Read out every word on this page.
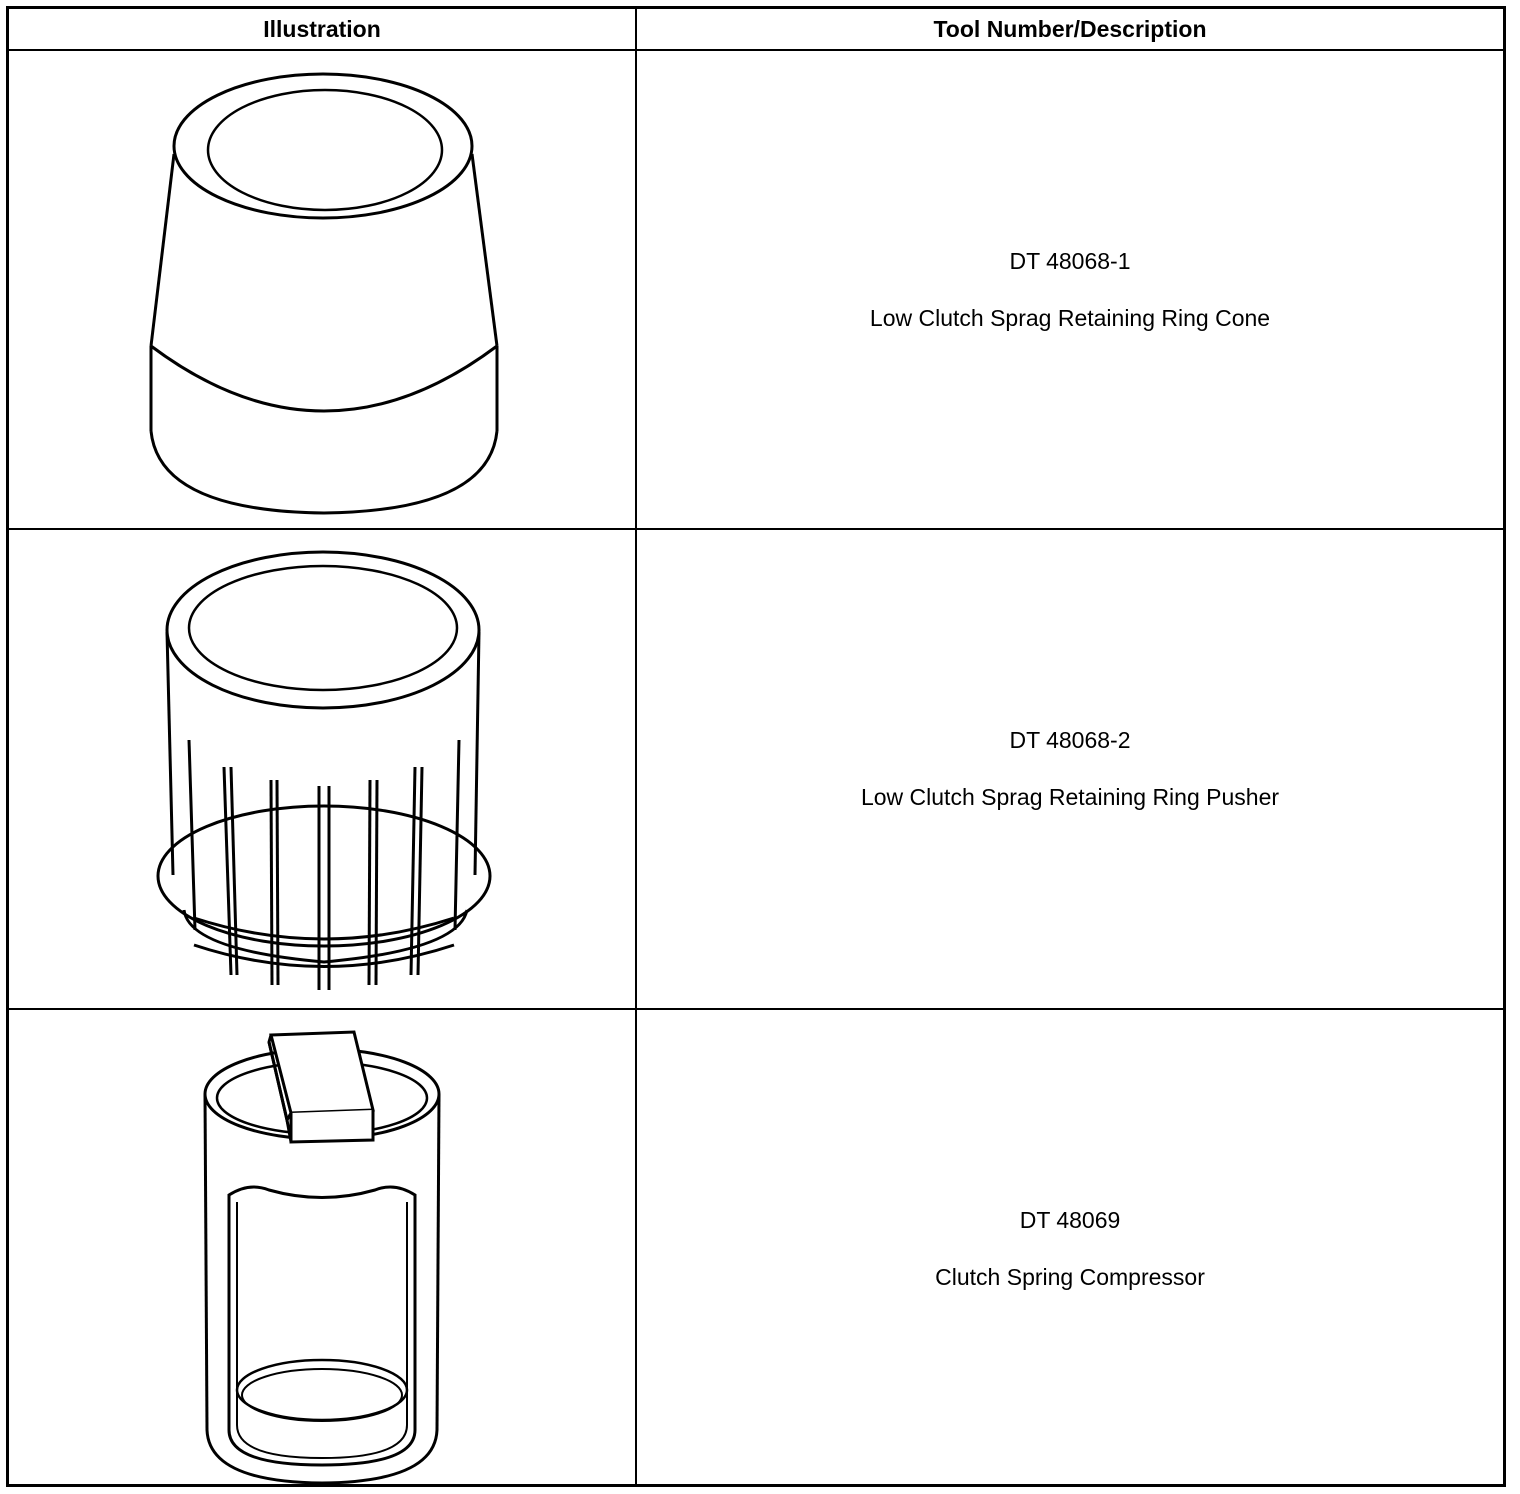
Illustration	Tool Number/Description
DT 48068-1
Low Clutch Sprag Retaining Ring Cone
DT 48068-2
Low Clutch Sprag Retaining Ring Pusher
DT 48069
Clutch Spring Compressor
